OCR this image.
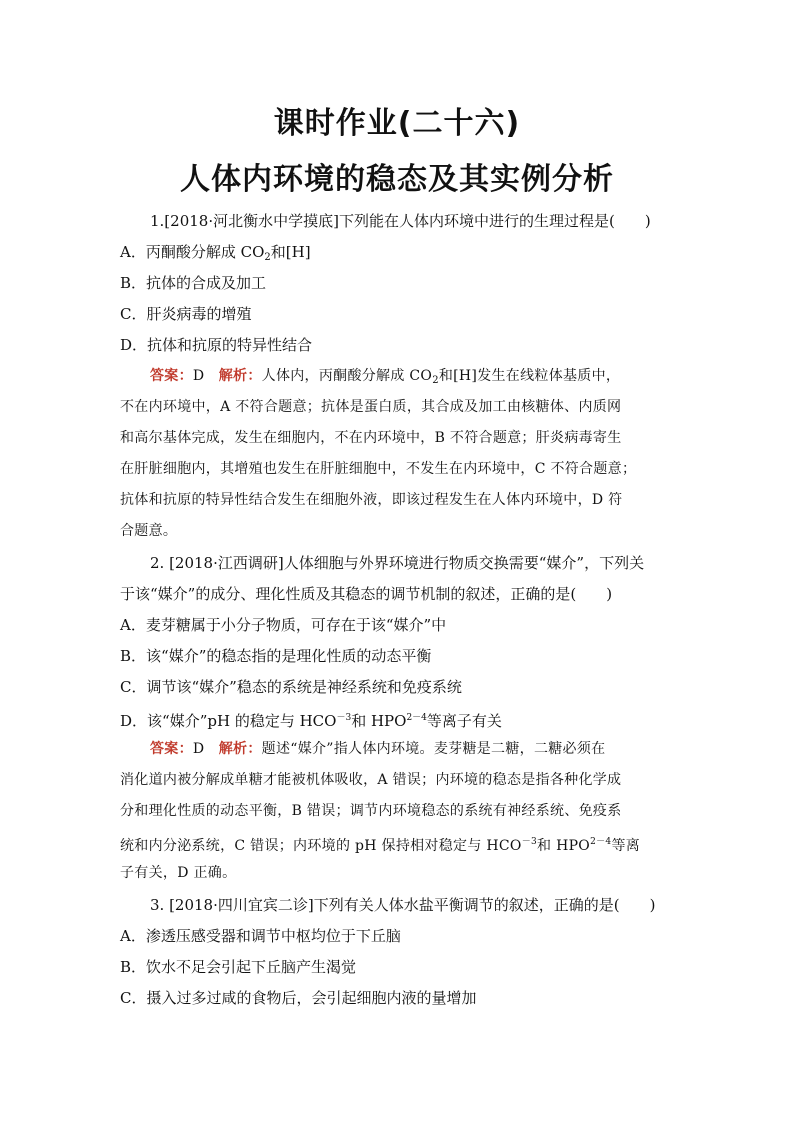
课时作业(二十六)
人体内环境的稳态及其实例分析
1.[2018·河北衡水中学摸底]下列能在人体内环境中进行的生理过程是(　　)
A．丙酮酸分解成 $CO_2$和[H]
B．抗体的合成及加工
C．肝炎病毒的增殖
D．抗体和抗原的特异性结合
答案：D　解析：人体内，丙酮酸分解成 $CO_2$和[H]发生在线粒体基质中，
不在内环境中，A 不符合题意；抗体是蛋白质，其合成及加工由核糖体、内质网
和高尔基体完成，发生在细胞内，不在内环境中，B 不符合题意；肝炎病毒寄生
在肝脏细胞内，其增殖也发生在肝脏细胞中，不发生在内环境中，C 不符合题意；
抗体和抗原的特异性结合发生在细胞外液，即该过程发生在人体内环境中，D 符
合题意。
2. [2018·江西调研]人体细胞与外界环境进行物质交换需要“媒介”，下列关
于该“媒介”的成分、理化性质及其稳态的调节机制的叙述，正确的是(　　)
A．麦芽糖属于小分子物质，可存在于该“媒介”中
B．该“媒介”的稳态指的是理化性质的动态平衡
C．调节该“媒介”稳态的系统是神经系统和免疫系统
D．该“媒介”pH 的稳定与 $HCO^{-3}$和 $HPO^{2-4}$等离子有关
答案：D　解析：题述“媒介”指人体内环境。麦芽糖是二糖，二糖必须在
消化道内被分解成单糖才能被机体吸收，A 错误；内环境的稳态是指各种化学成
分和理化性质的动态平衡，B 错误；调节内环境稳态的系统有神经系统、免疫系
统和内分泌系统，C 错误；内环境的 pH 保持相对稳定与 $HCO^{-3}$和 $HPO^{2-4}$等离
子有关，D 正确。
3. [2018·四川宜宾二诊]下列有关人体水盐平衡调节的叙述，正确的是(　　)
A．渗透压感受器和调节中枢均位于下丘脑
B．饮水不足会引起下丘脑产生渴觉
C．摄入过多过咸的食物后，会引起细胞内液的量增加
